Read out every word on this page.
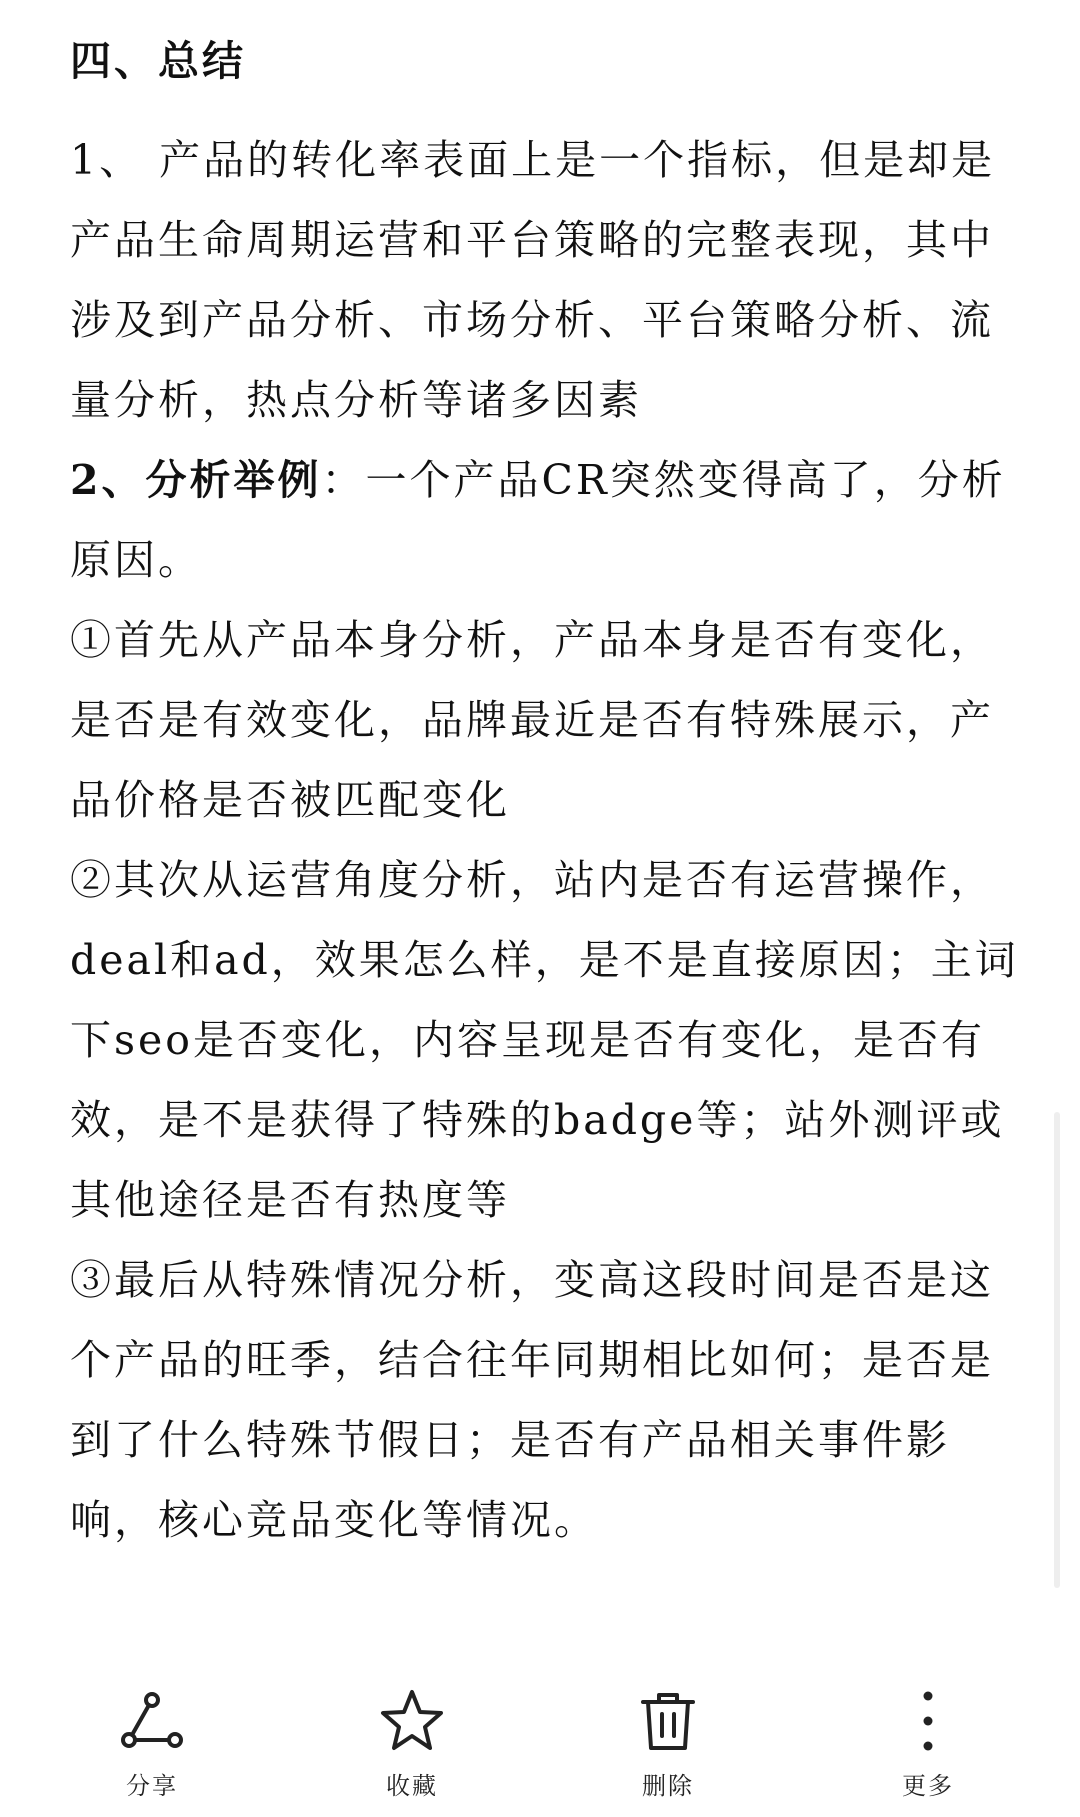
四、总结
1、 产品的转化率表面上是一个指标，但是却是
产品生命周期运营和平台策略的完整表现，其中
涉及到产品分析、市场分析、平台策略分析、流
量分析，热点分析等诸多因素
2、分析举例：一个产品CR突然变得高了，分析
原因。
①首先从产品本身分析，产品本身是否有变化，
是否是有效变化，品牌最近是否有特殊展示，产
品价格是否被匹配变化
②其次从运营角度分析，站内是否有运营操作，
deal和ad，效果怎么样，是不是直接原因；主词
下seo是否变化，内容呈现是否有变化，是否有
效，是不是获得了特殊的badge等；站外测评或
其他途径是否有热度等
③最后从特殊情况分析，变高这段时间是否是这
个产品的旺季，结合往年同期相比如何；是否是
到了什么特殊节假日；是否有产品相关事件影
响，核心竞品变化等情况。
分享	收藏	删除	更多
